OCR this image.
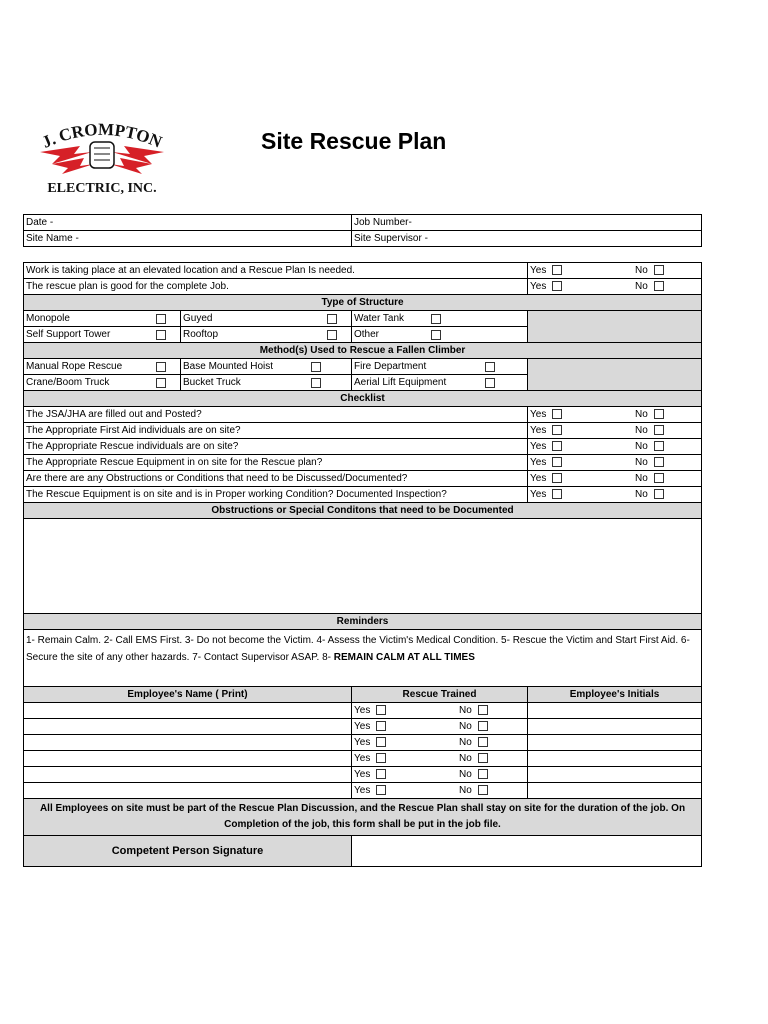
J. CROMPTON
ELECTRIC, INC.
Site Rescue Plan
Date -	Job Number-
Site Name -	Site Supervisor -
Work is taking place at an elevated location and a Rescue Plan Is needed.			Yes No

The rescue plan is good for the complete Job.			Yes No

Type of Structure			

Monopole	Guyed	Water Tank	

Self Support Tower	Rooftop	Other	

Method(s) Used to Rescue a Fallen Climber			

Manual Rope Rescue	Base Mounted Hoist	Fire Department	

Crane/Boom Truck	Bucket Truck	Aerial Lift Equipment	

Checklist			
The JSA/JHA are filled out and Posted?			Yes No

The Appropriate First Aid individuals are on site?			Yes No

The Appropriate Rescue individuals are on site?			Yes No

The Appropriate Rescue Equipment in on site for the Rescue plan?			Yes No

Are there are any Obstructions or Conditions that need to be Discussed/Documented?			Yes No

The Rescue Equipment is on site and is in Proper working Condition? Documented Inspection?			Yes No

Obstructions or Special Conditons that need to be Documented			

Reminders			
1- Remain Calm. 2- Call EMS First. 3- Do not become the Victim. 4- Assess the Victim's Medical Condition. 5- Rescue the Victim and Start First Aid. 6- Secure the site of any other hazards. 7- Contact Supervisor ASAP. 8- REMAIN CALM AT ALL TIMES			
Employee's Name ( Print)		Rescue Trained	Employee's Initials
		Yes No	

		Yes No	

		Yes No	

		Yes No	

		Yes No	

		Yes No	

All Employees on site must be part of the Rescue Plan Discussion, and the Rescue Plan shall stay on site for the duration of the job. On Completion of the job, this form shall be put in the job file.			
Competent Person Signature			
